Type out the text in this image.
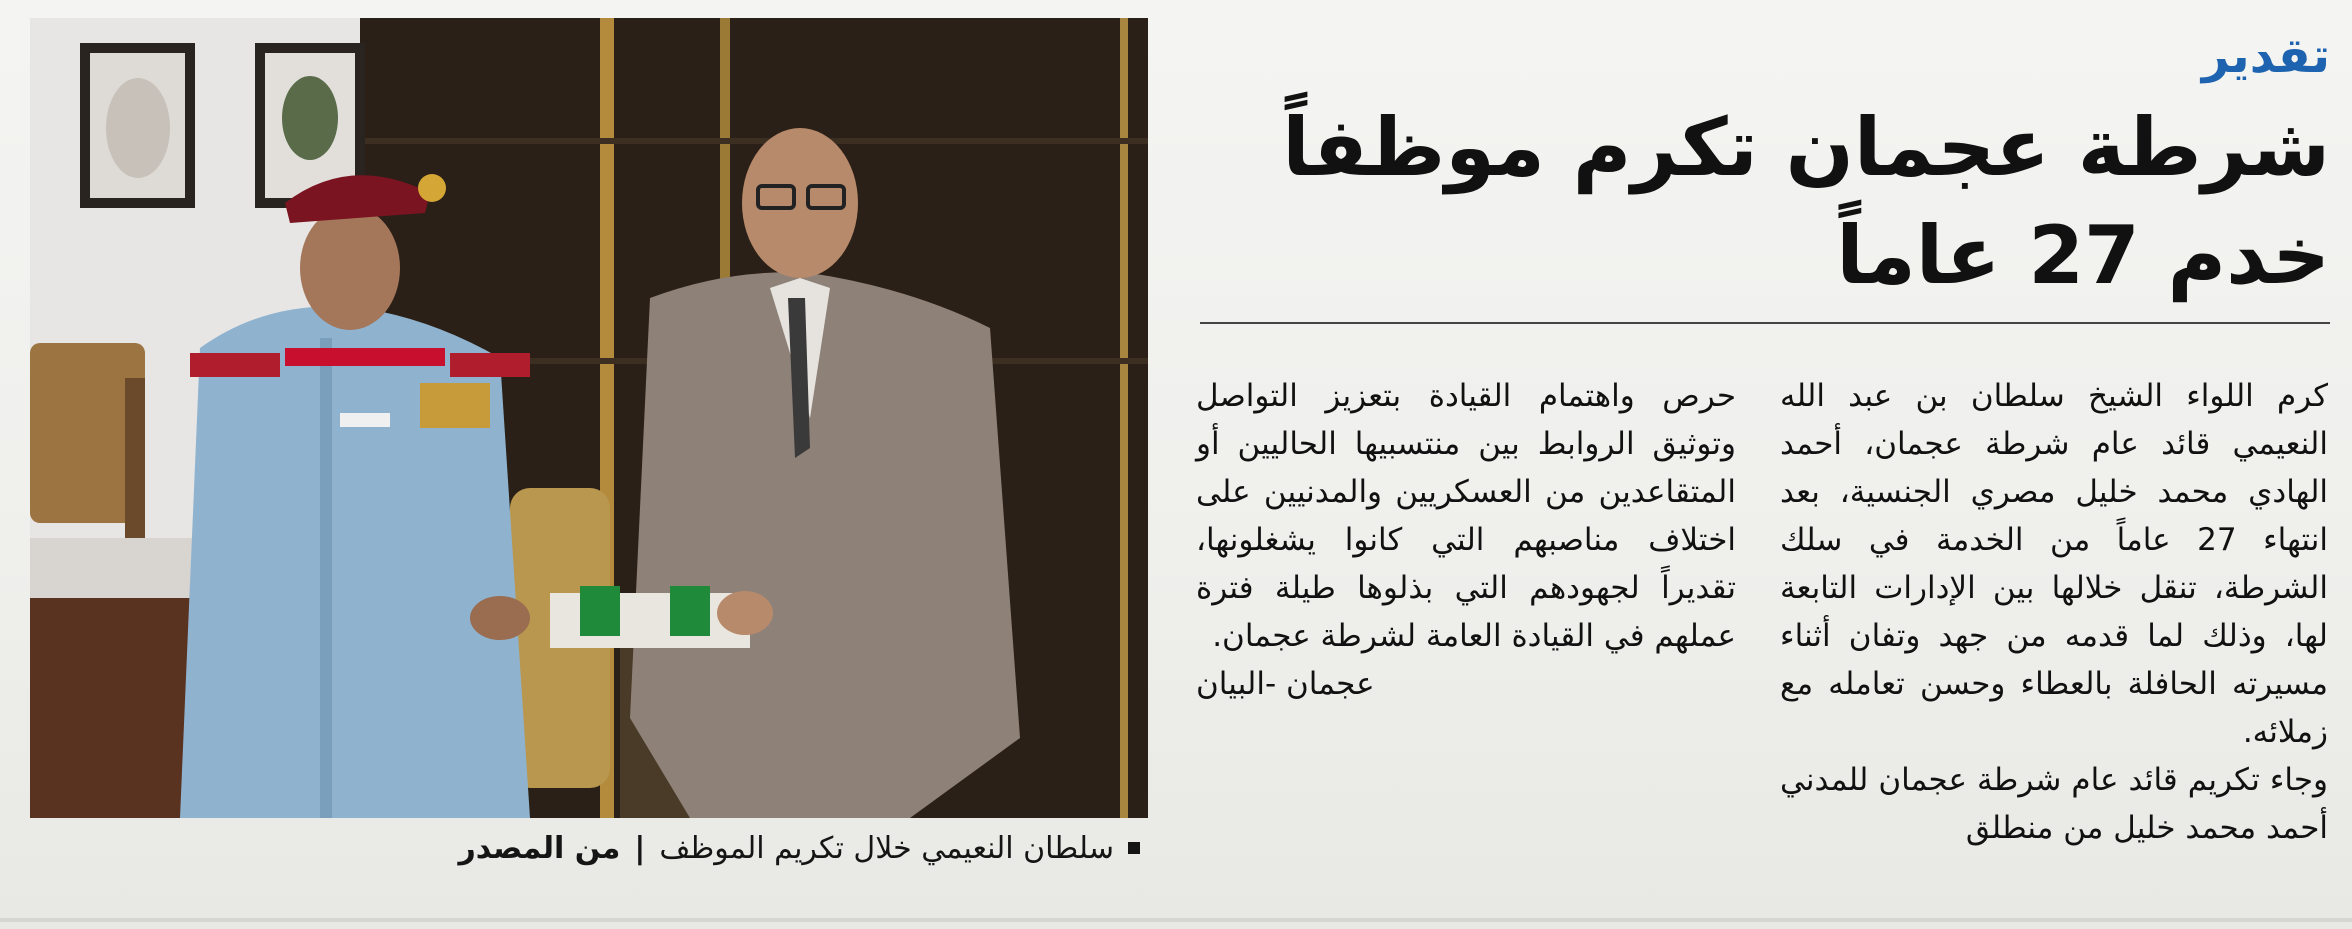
سلطان النعيمي خلال تكريم الموظف
|
من المصدر
تقدير
شرطة عجمان تكرم موظفاً
خدم 27 عاماً

كرم اللواء الشيخ سلطان بن عبد الله النعيمي قائد عام شرطة عجمان، أحمد الهادي محمد خليل مصري الجنسية، بعد انتهاء 27 عاماً من الخدمة في سلك الشرطة، تنقل خلالها بين الإدارات التابعة لها، وذلك لما قدمه من جهد وتفان أثناء مسيرته الحافلة بالعطاء وحسن تعامله مع زملائه.

وجاء تكريم قائد عام شرطة عجمان للمدني أحمد محمد خليل من منطلق

حرص واهتمام القيادة بتعزيز التواصل وتوثيق الروابط بين منتسبيها الحاليين أو المتقاعدين من العسكريين والمدنيين على اختلاف مناصبهم التي كانوا يشغلونها، تقديراً لجهودهم التي بذلوها طيلة فترة عملهم في القيادة العامة لشرطة عجمان.

عجمان -البيان
